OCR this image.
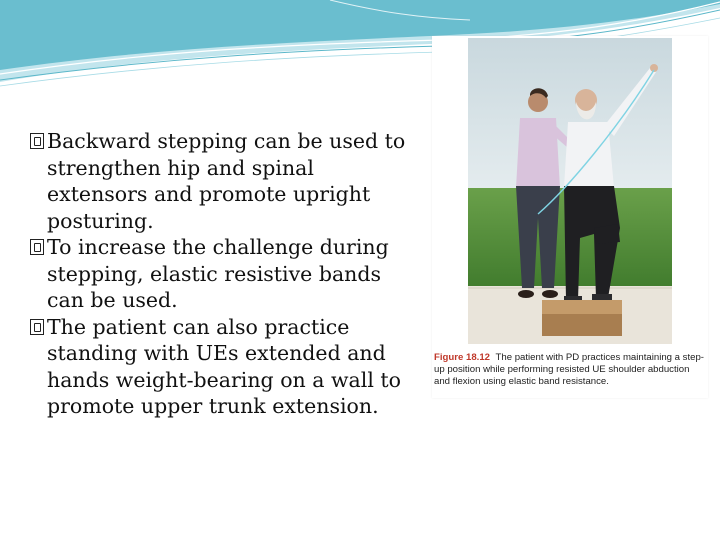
Backward stepping can be used to strengthen hip and spinal extensors and promote upright posturing.
To increase the challenge during stepping, elastic resistive bands can be used.
The patient can also practice standing with UEs extended and hands weight-bearing on a wall to promote upper trunk extension.
Figure 18.12 The patient with PD practices maintaining a step-up position while performing resisted UE shoulder abduction and flexion using elastic band resistance.
